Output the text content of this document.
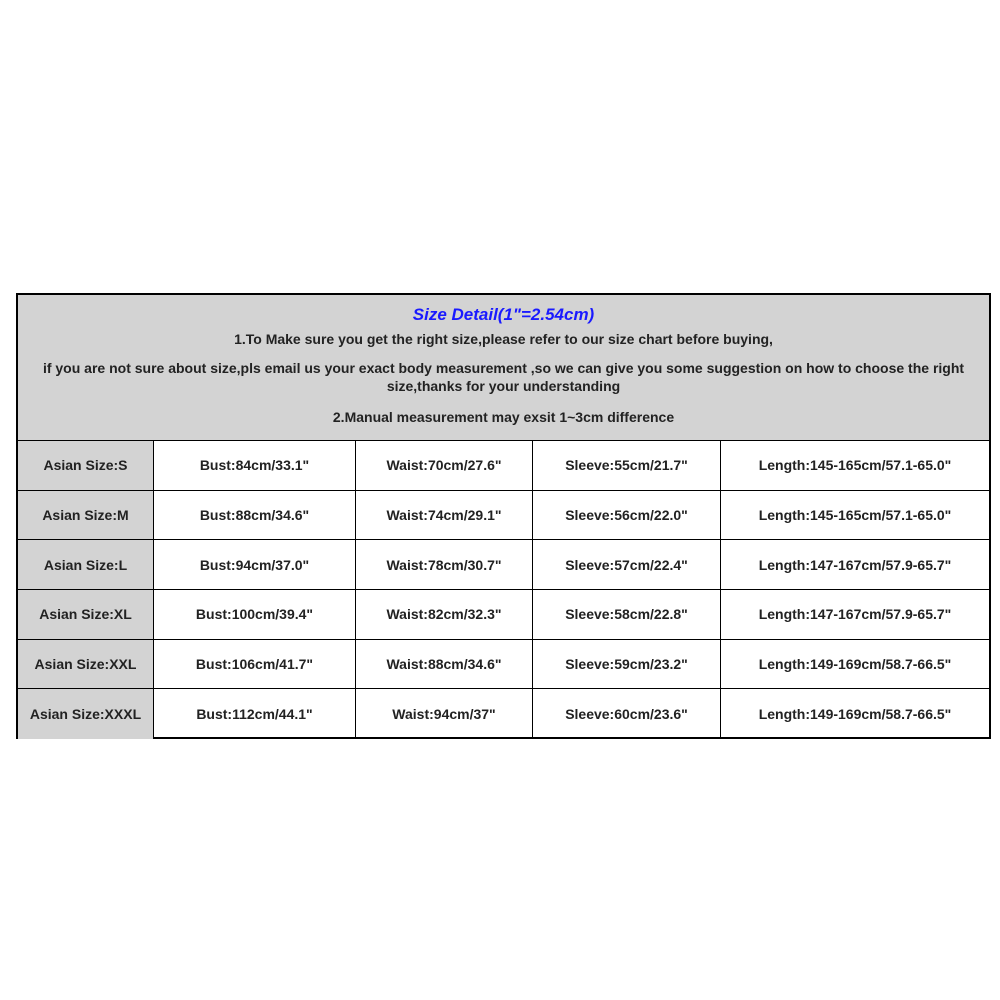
Size Detail(1"=2.54cm)
1.To Make sure you get the right size,please refer to our size chart before buying,
if you are not sure about size,pls email us your exact body measurement ,so we can give you some suggestion on how to choose the right size,thanks for your understanding
2.Manual measurement may exsit 1~3cm difference
Asian Size:S	Bust:84cm/33.1"	Waist:70cm/27.6"	Sleeve:55cm/21.7"	Length:145-165cm/57.1-65.0"
Asian Size:M	Bust:88cm/34.6"	Waist:74cm/29.1"	Sleeve:56cm/22.0"	Length:145-165cm/57.1-65.0"
Asian Size:L	Bust:94cm/37.0"	Waist:78cm/30.7"	Sleeve:57cm/22.4"	Length:147-167cm/57.9-65.7"
Asian Size:XL	Bust:100cm/39.4"	Waist:82cm/32.3"	Sleeve:58cm/22.8"	Length:147-167cm/57.9-65.7"
Asian Size:XXL	Bust:106cm/41.7"	Waist:88cm/34.6"	Sleeve:59cm/23.2"	Length:149-169cm/58.7-66.5"
Asian Size:XXXL	Bust:112cm/44.1"	Waist:94cm/37"	Sleeve:60cm/23.6"	Length:149-169cm/58.7-66.5"
